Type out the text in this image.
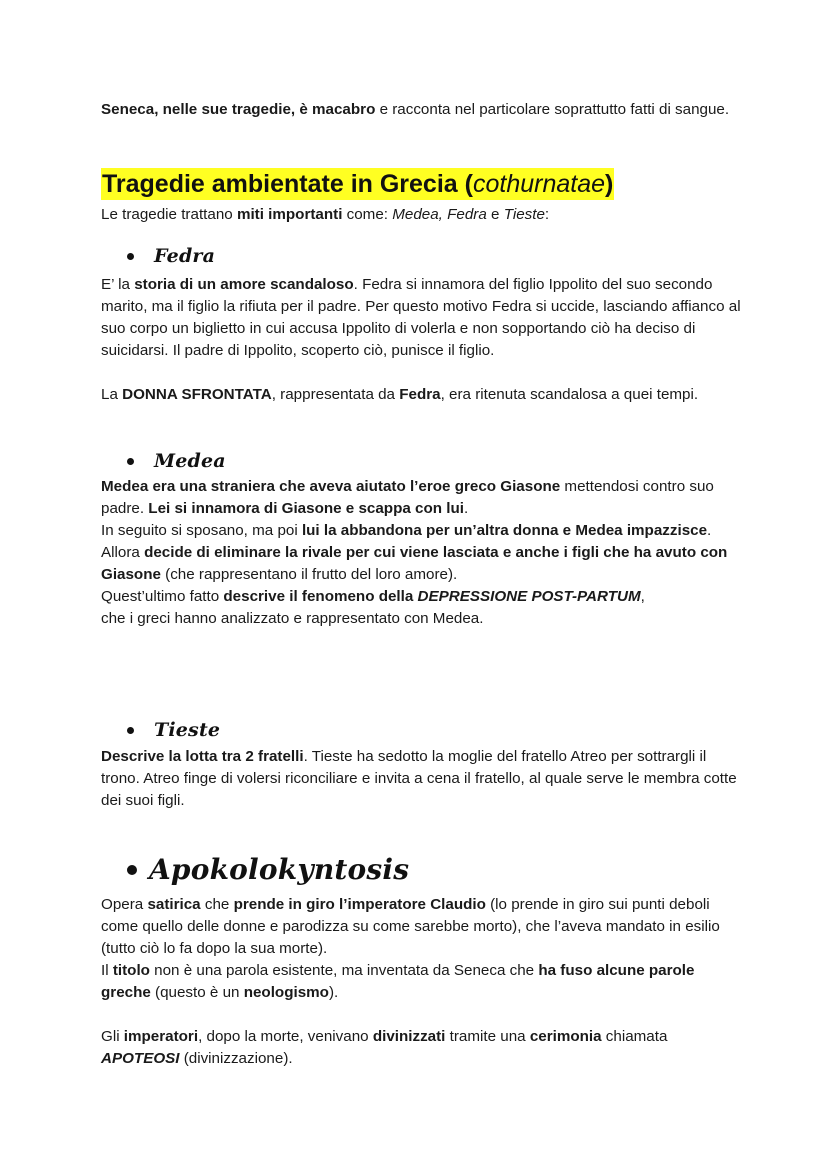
Seneca, nelle sue tragedie, è macabro e racconta nel particolare soprattutto fatti di sangue.

Tragedie ambientate in Grecia (cothurnatae)

Le tragedie trattano miti importanti come: Medea, Fedra e Tieste:

Fedra

E’ la storia di un amore scandaloso. Fedra si innamora del figlio Ippolito del suo secondo marito, ma il figlio la rifiuta per il padre. Per questo motivo Fedra si uccide, lasciando affianco al suo corpo un biglietto in cui accusa Ippolito di volerla e non sopportando ciò ha deciso di suicidarsi. Il padre di Ippolito, scoperto ciò, punisce il figlio.

La DONNA SFRONTATA, rappresentata da Fedra, era ritenuta scandalosa a quei tempi.

Medea

Medea era una straniera che aveva aiutato l’eroe greco Giasone mettendosi contro suo padre. Lei si innamora di Giasone e scappa con lui.

In seguito si sposano, ma poi lui la abbandona per un’altra donna e Medea impazzisce. Allora decide di eliminare la rivale per cui viene lasciata e anche i figli che ha avuto con Giasone (che rappresentano il frutto del loro amore).

Quest’ultimo fatto descrive il fenomeno della DEPRESSIONE POST-PARTUM,
che i greci hanno analizzato e rappresentato con Medea.

Tieste

Descrive la lotta tra 2 fratelli. Tieste ha sedotto la moglie del fratello Atreo per sottrargli il trono. Atreo finge di volersi riconciliare e invita a cena il fratello, al quale serve le membra cotte dei suoi figli.

Apokolokyntosis

Opera satirica che prende in giro l’imperatore Claudio (lo prende in giro sui punti deboli come quello delle donne e parodizza su come sarebbe morto), che l’aveva mandato in esilio (tutto ciò lo fa dopo la sua morte).

Il titolo non è una parola esistente, ma inventata da Seneca che ha fuso alcune parole greche (questo è un neologismo).

Gli imperatori, dopo la morte, venivano divinizzati tramite una cerimonia chiamata APOTEOSI (divinizzazione).
